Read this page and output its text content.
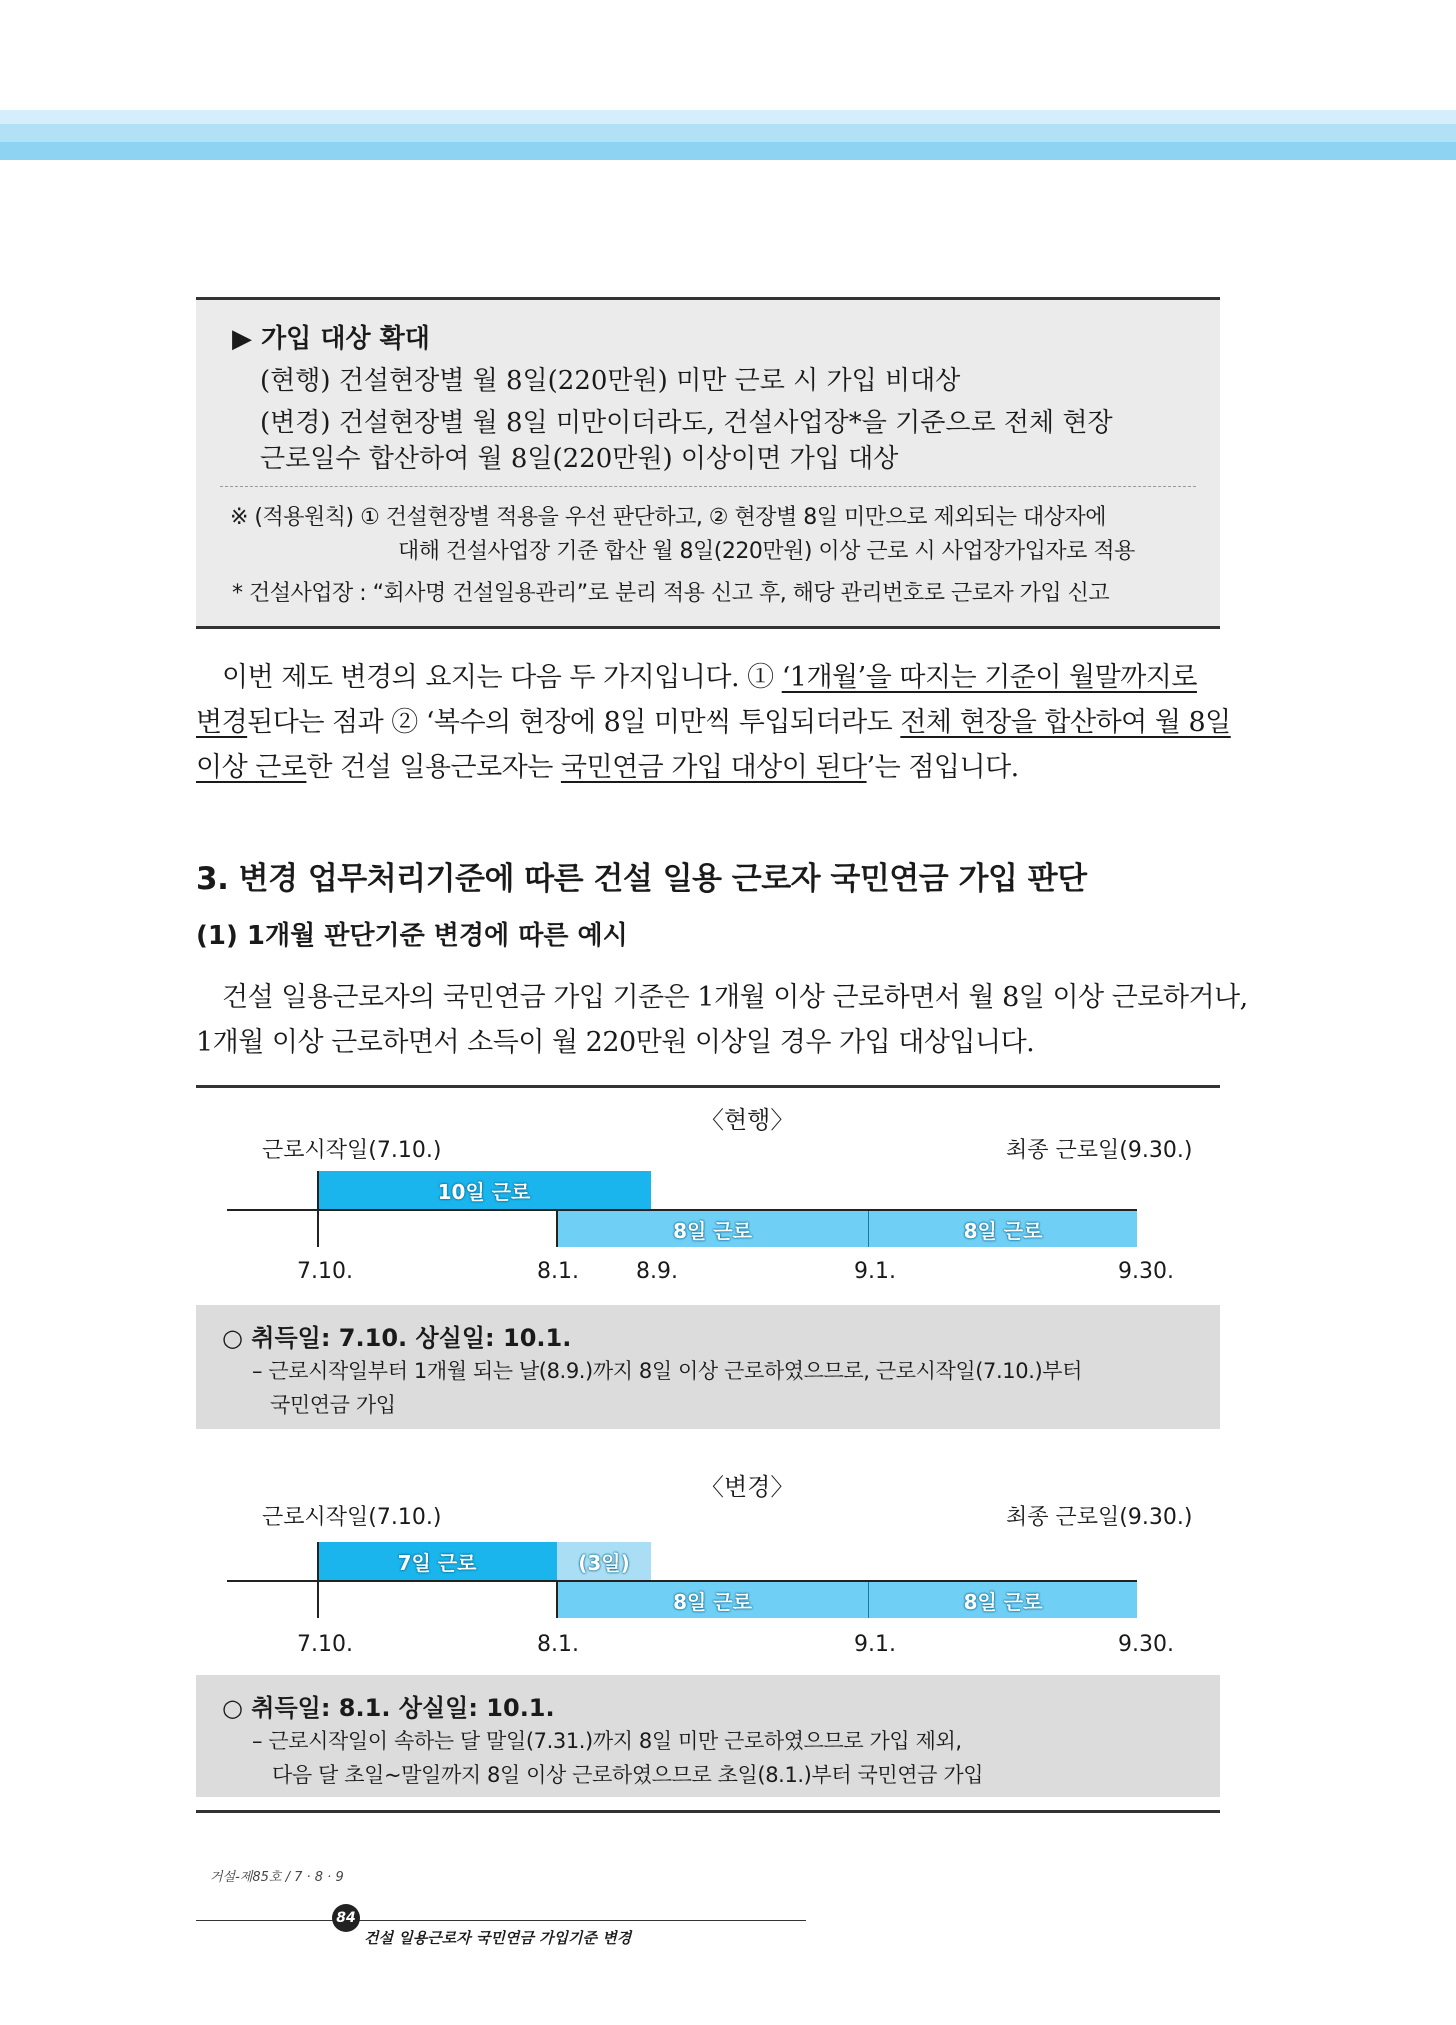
▶ 가입 대상 확대
(현행) 건설현장별 월 8일(220만원) 미만 근로 시 가입 비대상
(변경) 건설현장별 월 8일 미만이더라도, 건설사업장*을 기준으로 전체 현장
근로일수 합산하여 월 8일(220만원) 이상이면 가입 대상
※ (적용원칙) ① 건설현장별 적용을 우선 판단하고, ② 현장별 8일 미만으로 제외되는 대상자에
대해 건설사업장 기준 합산 월 8일(220만원) 이상 근로 시 사업장가입자로 적용
* 건설사업장 : “회사명 건설일용관리”로 분리 적용 신고 후, 해당 관리번호로 근로자 가입 신고
이번 제도 변경의 요지는 다음 두 가지입니다. ① ‘1개월’을 따지는 기준이 월말까지로
변경된다는 점과 ② ‘복수의 현장에 8일 미만씩 투입되더라도 전체 현장을 합산하여 월 8일
이상 근로한 건설 일용근로자는 국민연금 가입 대상이 된다’는 점입니다.
3. 변경 업무처리기준에 따른 건설 일용 근로자 국민연금 가입 판단
(1) 1개월 판단기준 변경에 따른 예시
건설 일용근로자의 국민연금 가입 기준은 1개월 이상 근로하면서 월 8일 이상 근로하거나,
1개월 이상 근로하면서 소득이 월 220만원 이상일 경우 가입 대상입니다.
〈현행〉
근로시작일(7.10.)	최종 근로일(9.30.)
10일 근로
8일 근로	8일 근로
7.10.	8.1.	8.9.	9.1.	9.30.
○ 취득일: 7.10. 상실일: 10.1.
– 근로시작일부터 1개월 되는 날(8.9.)까지 8일 이상 근로하였으므로, 근로시작일(7.10.)부터
국민연금 가입
〈변경〉
근로시작일(7.10.)	최종 근로일(9.30.)
7일 근로	(3일)
8일 근로	8일 근로
7.10.	8.1.	9.1.	9.30.
○ 취득일: 8.1. 상실일: 10.1.
– 근로시작일이 속하는 달 말일(7.31.)까지 8일 미만 근로하였으므로 가입 제외,
다음 달 초일~말일까지 8일 이상 근로하였으므로 초일(8.1.)부터 국민연금 가입
거설-제85호 / 7 · 8 · 9
84
건설 일용근로자 국민연금 가입기준 변경
